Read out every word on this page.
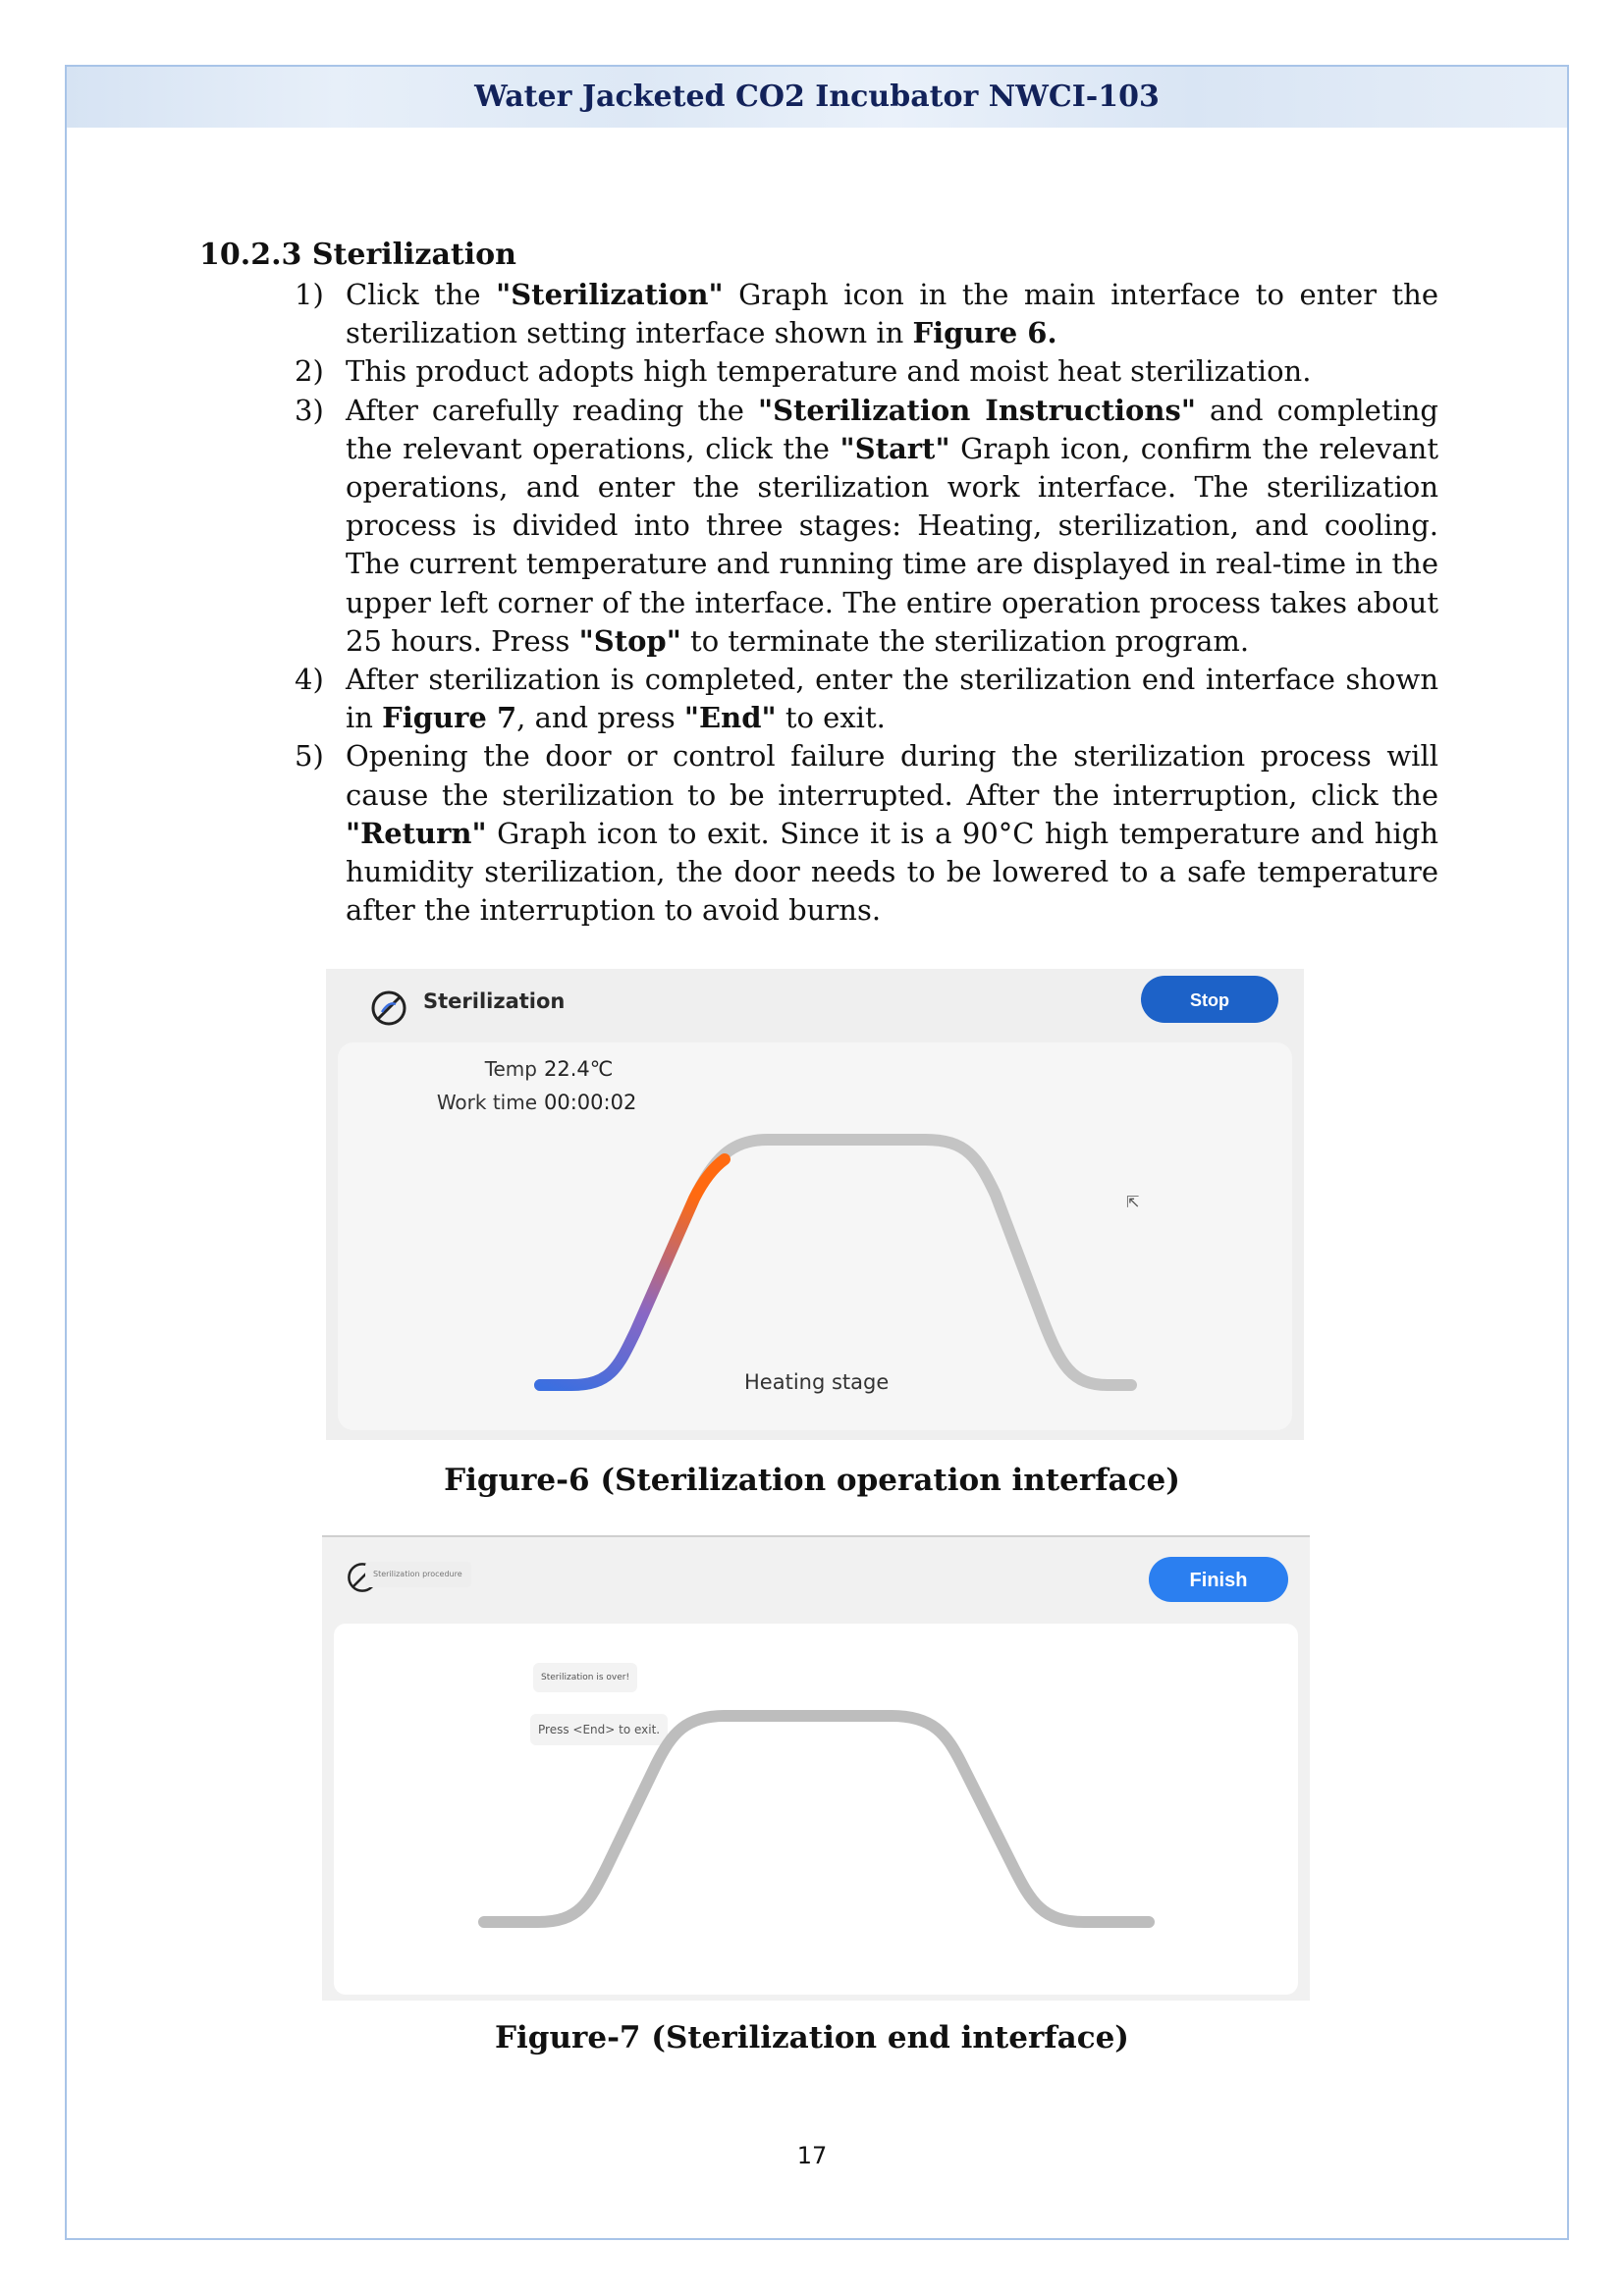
Water Jacketed CO2 Incubator NWCI-103
10.2.3 Sterilization
1) Click the "Sterilization" Graph icon in the main interface to enter the sterilization setting interface shown in Figure 6.
2) This product adopts high temperature and moist heat sterilization.
3) After carefully reading the "Sterilization Instructions" and completing the relevant operations, click the "Start" Graph icon, confirm the relevant operations, and enter the sterilization work interface. The sterilization process is divided into three stages: Heating, sterilization, and cooling. The current temperature and running time are displayed in real-time in the upper left corner of the interface. The entire operation process takes about 25 hours. Press "Stop" to terminate the sterilization program.
4) After sterilization is completed, enter the sterilization end interface shown in Figure 7, and press "End" to exit.
5) Opening the door or control failure during the sterilization process will cause the sterilization to be interrupted. After the interruption, click the "Return" Graph icon to exit. Since it is a 90°C high temperature and high humidity sterilization, the door needs to be lowered to a safe temperature after the interruption to avoid burns.
Sterilization	Stop
Temp 22.4℃
Work time 00:00:02
⇱
Heating stage
Figure-6 (Sterilization operation interface)
Sterilization procedure	Finish
Sterilization is over!
Press <End> to exit.
Figure-7 (Sterilization end interface)
17
